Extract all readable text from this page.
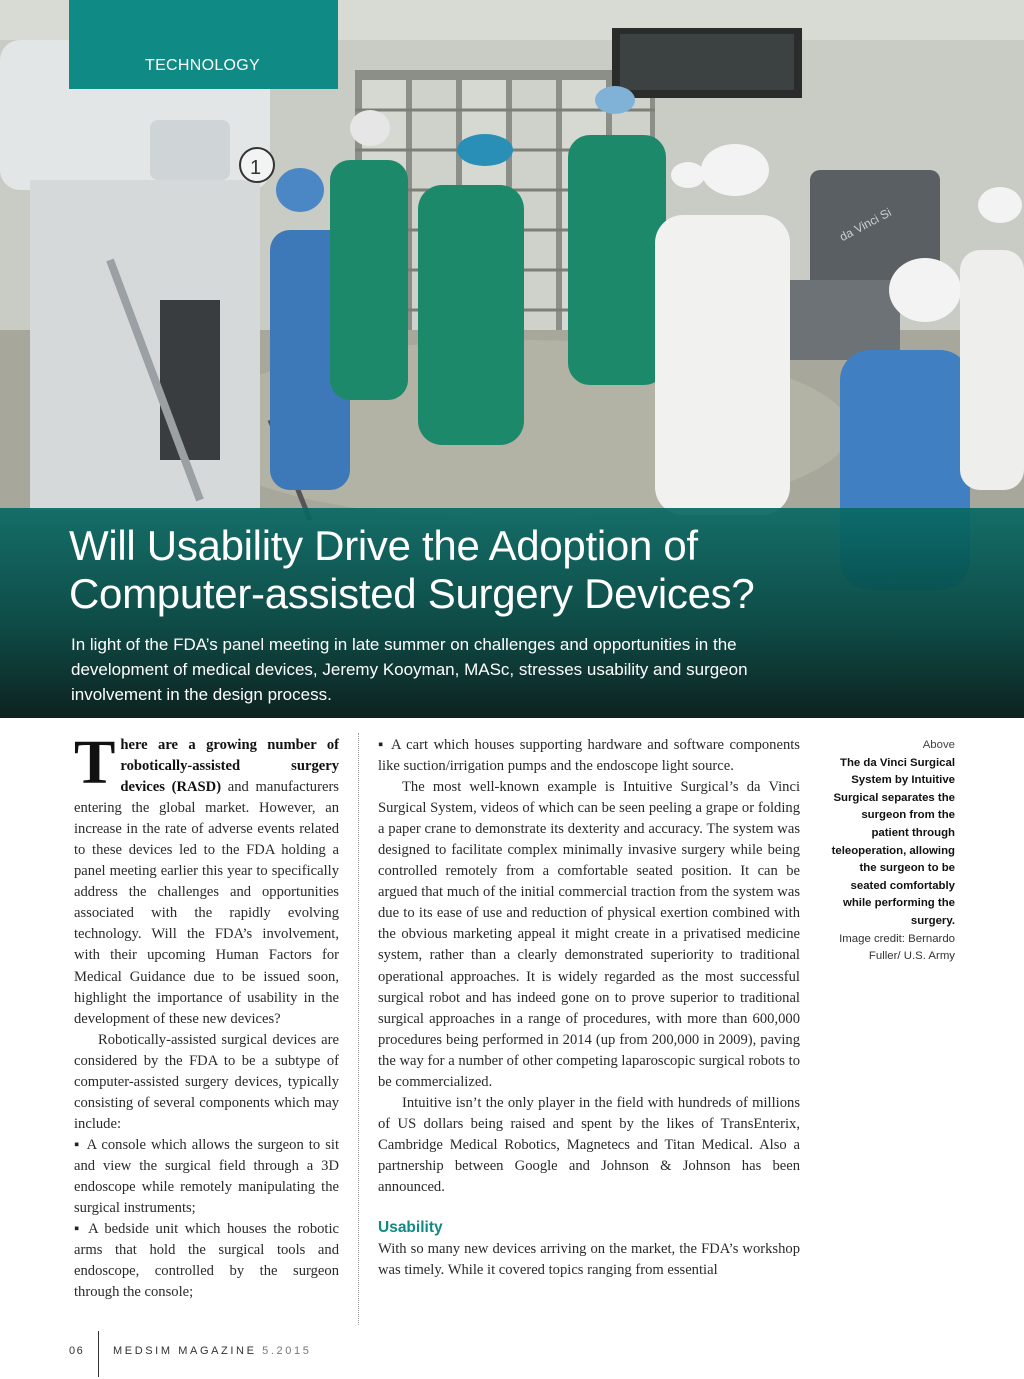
1
da Vinci Si
TECHNOLOGY
Will Usability Drive the Adoption of Computer-assisted Surgery Devices?

In light of the FDA’s panel meeting in late summer on challenges and opportunities in the development of medical devices, Jeremy Kooyman, MASc, stresses usability and surgeon involvement in the design process.

There are a growing number of robotically-assisted surgery devices (RASD) and manufacturers entering the global market. However, an increase in the rate of adverse events related to these devices led to the FDA holding a panel meeting earlier this year to specifically address the challenges and opportunities associated with the rapidly evolving technology. Will the FDA’s involvement, with their upcoming Human Factors for Medical Guidance due to be issued soon, highlight the importance of usability in the development of these new devices?

Robotically-assisted surgical devices are considered by the FDA to be a subtype of computer-assisted surgery devices, typically consisting of several components which may include:

▪ A console which allows the surgeon to sit and view the surgical field through a 3D endoscope while remotely manipulating the surgical instruments;

▪ A bedside unit which houses the robotic arms that hold the surgical tools and endoscope, controlled by the surgeon through the console;

▪ A cart which houses supporting hardware and software components like suction/irrigation pumps and the endoscope light source.

The most well-known example is Intuitive Surgical’s da Vinci Surgical System, videos of which can be seen peeling a grape or folding a paper crane to demonstrate its dexterity and accuracy. The system was designed to facilitate complex minimally invasive surgery while being controlled remotely from a comfortable seated position. It can be argued that much of the initial commercial traction from the system was due to its ease of use and reduction of physical exertion combined with the obvious marketing appeal it might create in a privatised medicine system, rather than a clearly demonstrated superiority to traditional operational approaches. It is widely regarded as the most successful surgical robot and has indeed gone on to prove superior to traditional surgical approaches in a range of procedures, with more than 600,000 procedures being performed in 2014 (up from 200,000 in 2009), paving the way for a number of other competing laparoscopic surgical robots to be commercialized.

Intuitive isn’t the only player in the field with hundreds of millions of US dollars being raised and spent by the likes of TransEnterix, Cambridge Medical Robotics, Magnetecs and Titan Medical. Also a partnership between Google and Johnson & Johnson has been announced.

Usability

With so many new devices arriving on the market, the FDA’s workshop was timely. While it covered topics ranging from essential

Above
The da Vinci Surgical System by Intuitive Surgical separates the surgeon from the patient through teleoperation, allowing the surgeon to be seated comfortably while performing the surgery.
Image credit: Bernardo Fuller/ U.S. Army
06	MEDSIM MAGAZINE 5.2015
